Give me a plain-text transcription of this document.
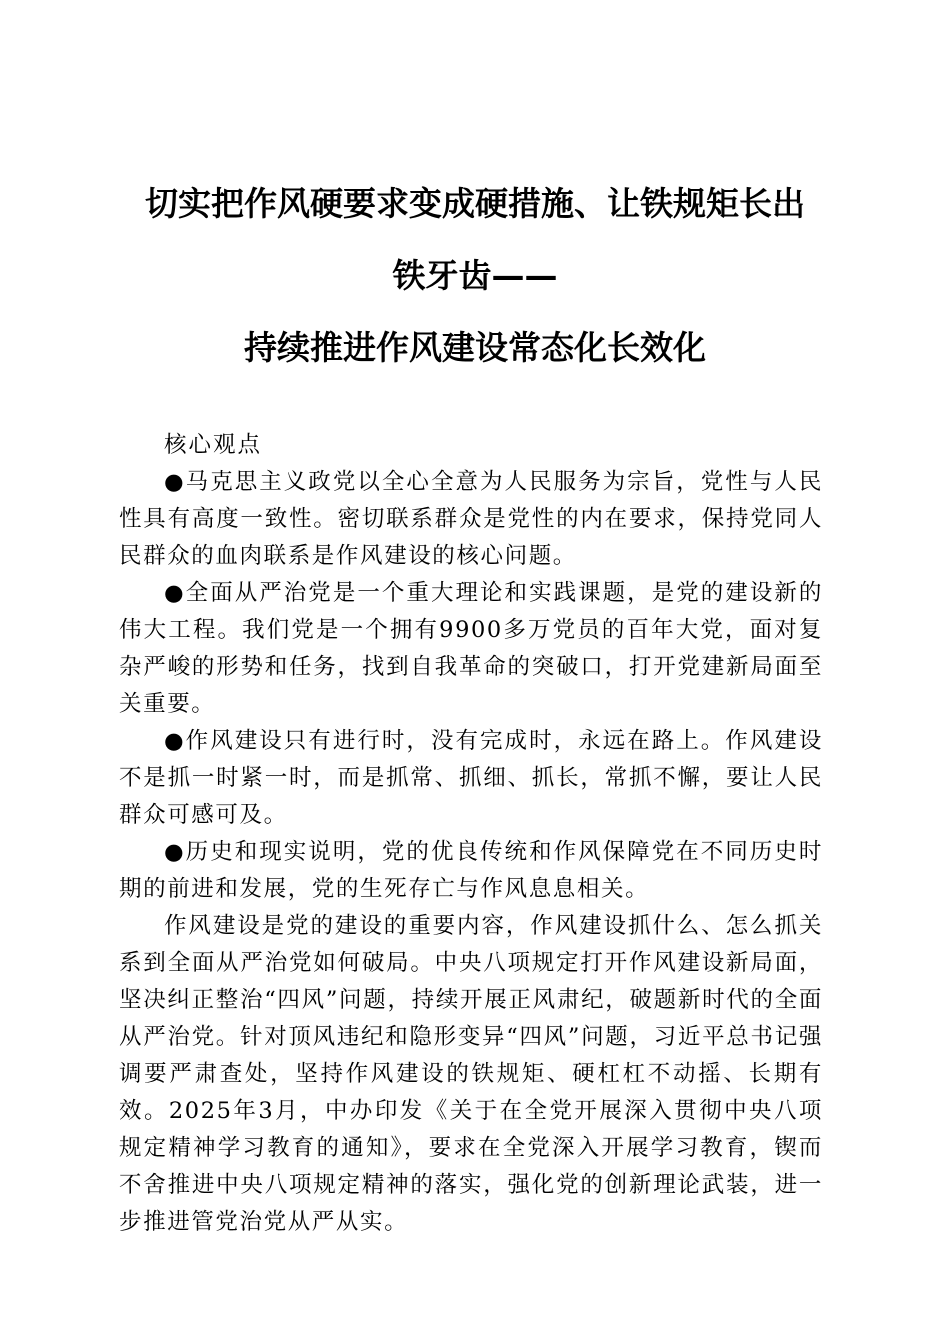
切实把作风硬要求变成硬措施、让铁规矩长出
铁牙齿——
持续推进作风建设常态化长效化

核心观点

●马克思主义政党以全心全意为人民服务为宗旨，党性与人民性具有高度一致性。密切联系群众是党性的内在要求，保持党同人民群众的血肉联系是作风建设的核心问题。

●全面从严治党是一个重大理论和实践课题，是党的建设新的伟大工程。我们党是一个拥有9900多万党员的百年大党，面对复杂严峻的形势和任务，找到自我革命的突破口，打开党建新局面至关重要。

●作风建设只有进行时，没有完成时，永远在路上。作风建设不是抓一时紧一时，而是抓常、抓细、抓长，常抓不懈，要让人民群众可感可及。

●历史和现实说明，党的优良传统和作风保障党在不同历史时期的前进和发展，党的生死存亡与作风息息相关。

作风建设是党的建设的重要内容，作风建设抓什么、怎么抓关系到全面从严治党如何破局。中央八项规定打开作风建设新局面，坚决纠正整治“四风”问题，持续开展正风肃纪，破题新时代的全面从严治党。针对顶风违纪和隐形变异“四风”问题，习近平总书记强调要严肃查处，坚持作风建设的铁规矩、硬杠杠不动摇、长期有效。2025年3月，中办印发《关于在全党开展深入贯彻中央八项规定精神学习教育的通知》，要求在全党深入开展学习教育，锲而不舍推进中央八项规定精神的落实，强化党的创新理论武装，进一步推进管党治党从严从实。
